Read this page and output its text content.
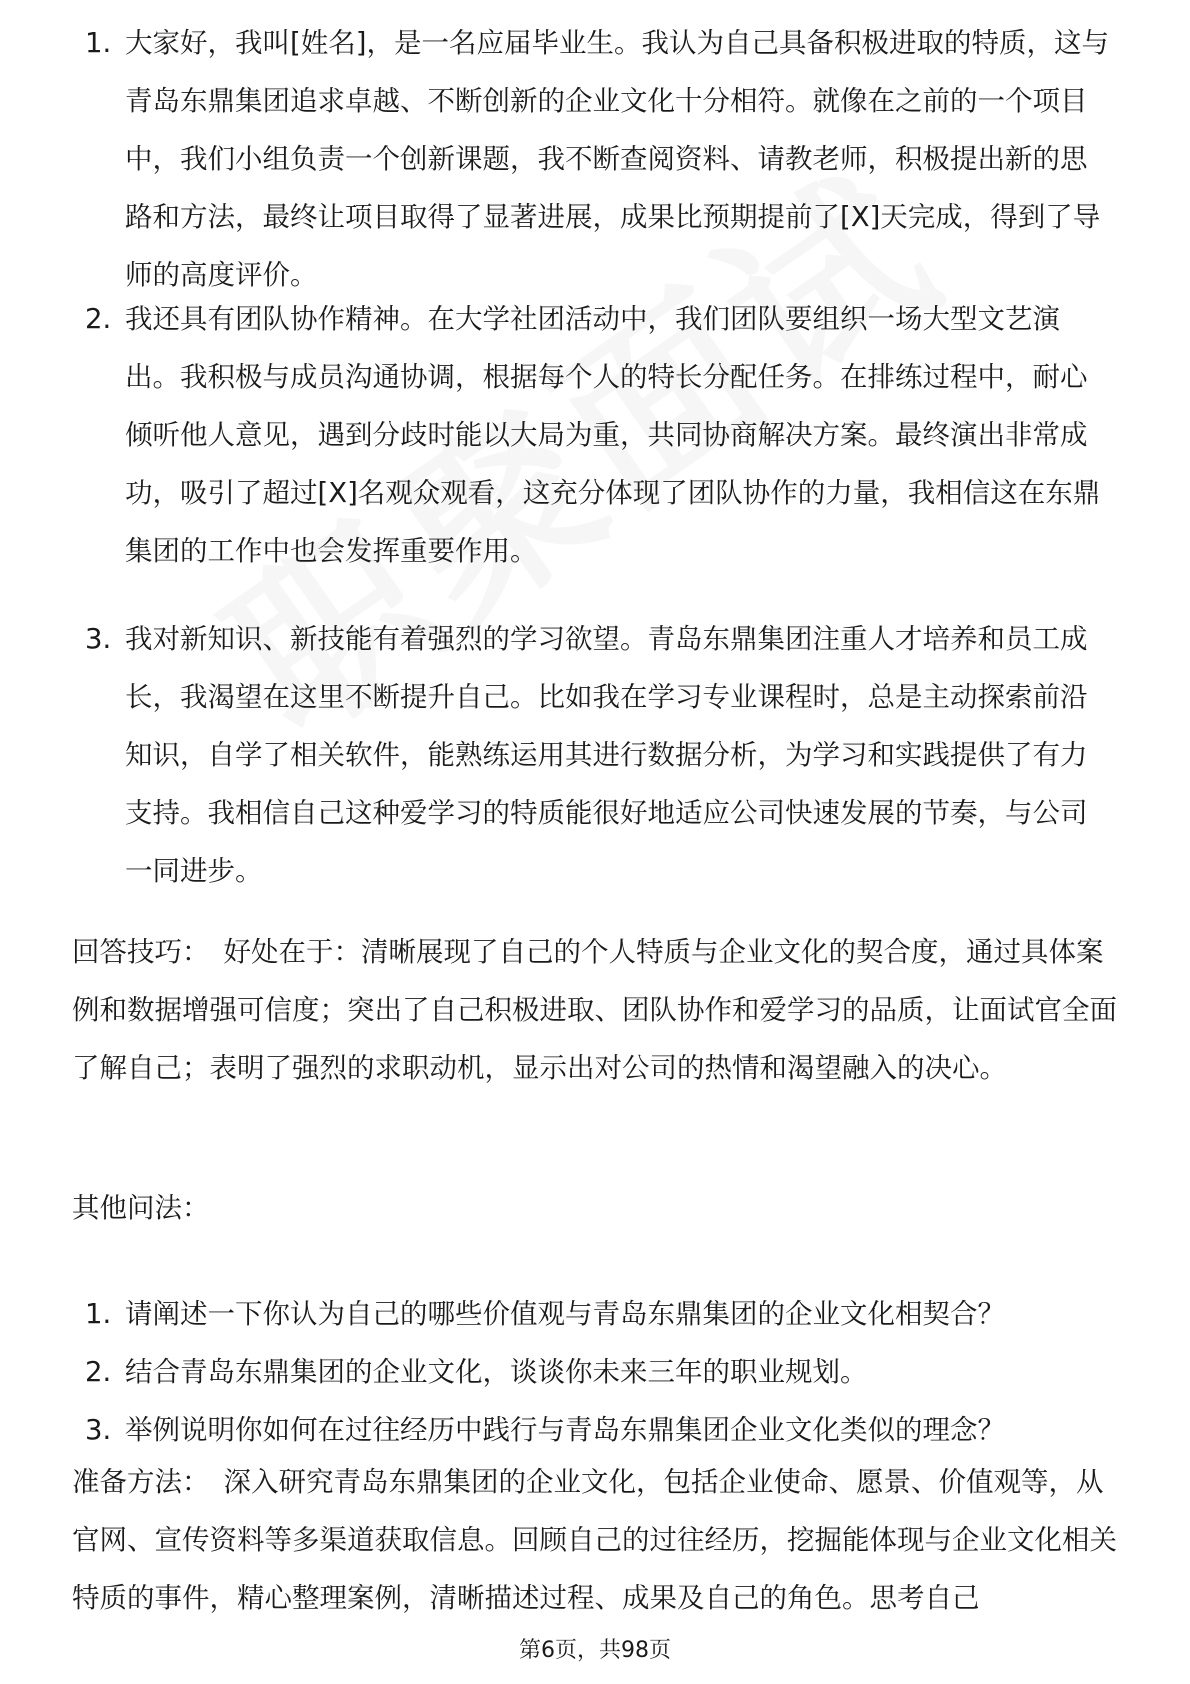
1. 大家好，我叫[姓名]，是一名应届毕业生。我认为自己具备积极进取的特质，这与青岛东鼎集团追求卓越、不断创新的企业文化十分相符。就像在之前的一个项目中，我们小组负责一个创新课题，我不断查阅资料、请教老师，积极提出新的思路和方法，最终让项目取得了显著进展，成果比预期提前了[X]天完成，得到了导师的高度评价。
2. 我还具有团队协作精神。在大学社团活动中，我们团队要组织一场大型文艺演出。我积极与成员沟通协调，根据每个人的特长分配任务。在排练过程中，耐心倾听他人意见，遇到分歧时能以大局为重，共同协商解决方案。最终演出非常成功，吸引了超过[X]名观众观看，这充分体现了团队协作的力量，我相信这在东鼎集团的工作中也会发挥重要作用。
3. 我对新知识、新技能有着强烈的学习欲望。青岛东鼎集团注重人才培养和员工成长，我渴望在这里不断提升自己。比如我在学习专业课程时，总是主动探索前沿知识，自学了相关软件，能熟练运用其进行数据分析，为学习和实践提供了有力支持。我相信自己这种爱学习的特质能很好地适应公司快速发展的节奏，与公司一同进步。

回答技巧： 好处在于：清晰展现了自己的个人特质与企业文化的契合度，通过具体案例和数据增强可信度；突出了自己积极进取、团队协作和爱学习的品质，让面试官全面了解自己；表明了强烈的求职动机，显示出对公司的热情和渴望融入的决心。

其他问法：

1. 请阐述一下你认为自己的哪些价值观与青岛东鼎集团的企业文化相契合？
2. 结合青岛东鼎集团的企业文化，谈谈你未来三年的职业规划。
3. 举例说明你如何在过往经历中践行与青岛东鼎集团企业文化类似的理念？

准备方法： 深入研究青岛东鼎集团的企业文化，包括企业使命、愿景、价值观等，从官网、宣传资料等多渠道获取信息。回顾自己的过往经历，挖掘能体现与企业文化相关特质的事件，精心整理案例，清晰描述过程、成果及自己的角色。思考自己

第6页，共98页
